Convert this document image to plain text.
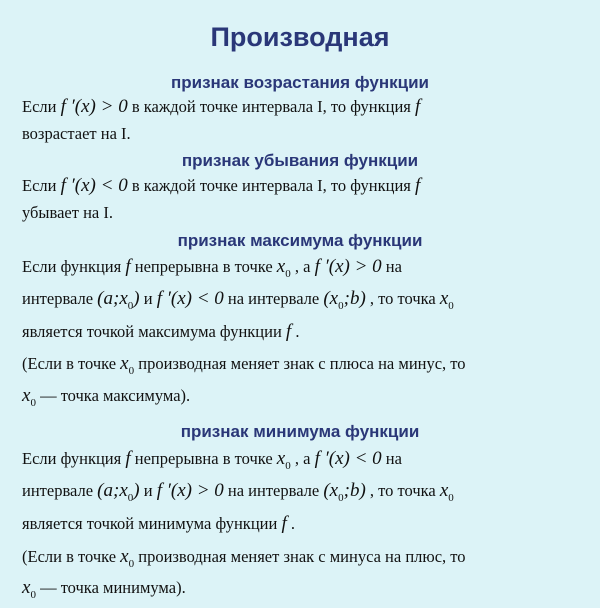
Производная
признак возрастания функции
Если f ′(x) > 0 в каждой точке интервала I, то функция f
возрастает на I.
признак убывания функции
Если f ′(x) < 0 в каждой точке интервала I, то функция f
убывает на I.
признак максимума функции
Если функция f непрерывна в точке $x_0$ , а f ′(x) > 0 на
интервале $(a;x_0)$ и f ′(x) < 0 на интервале $(x_0;b)$ , то точка $x_0$
является точкой максимума функции f .
(Если в точке $x_0$ производная меняет знак с плюса на минус, то
$x_0$ — точка максимума).
признак минимума функции
Если функция f непрерывна в точке $x_0$ , а f ′(x) < 0 на
интервале $(a;x_0)$ и f ′(x) > 0 на интервале $(x_0;b)$ , то точка $x_0$
является точкой минимума функции f .
(Если в точке $x_0$ производная меняет знак с минуса на плюс, то
$x_0$ — точка минимума).
